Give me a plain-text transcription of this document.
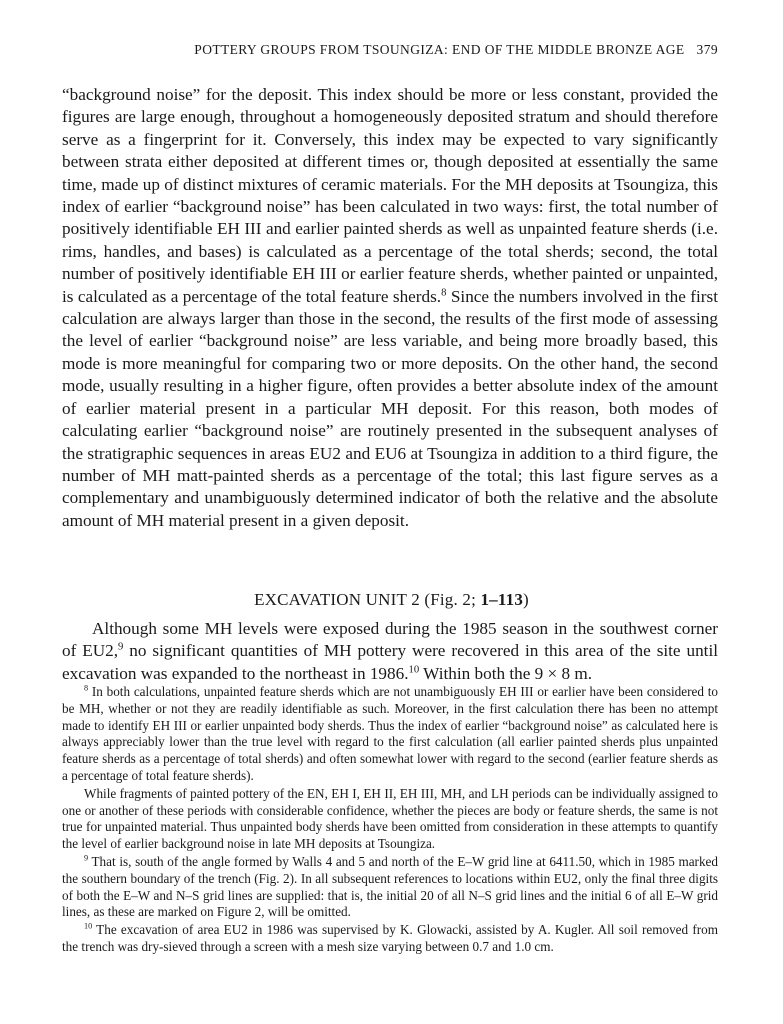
POTTERY GROUPS FROM TSOUNGIZA: END OF THE MIDDLE BRONZE AGE 379

“background noise” for the deposit. This index should be more or less constant, provided the figures are large enough, throughout a homogeneously deposited stratum and should therefore serve as a fingerprint for it. Conversely, this index may be expected to vary significantly between strata either deposited at different times or, though deposited at essentially the same time, made up of distinct mixtures of ceramic materials. For the MH deposits at Tsoungiza, this index of earlier “background noise” has been calculated in two ways: first, the total number of positively identifiable EH III and earlier painted sherds as well as unpainted feature sherds (i.e. rims, handles, and bases) is calculated as a percentage of the total sherds; second, the total number of positively identifiable EH III or earlier feature sherds, whether painted or unpainted, is calculated as a percentage of the total feature sherds.$^8$ Since the numbers involved in the first calculation are always larger than those in the second, the results of the first mode of assessing the level of earlier “background noise” are less variable, and being more broadly based, this mode is more meaningful for comparing two or more deposits. On the other hand, the second mode, usually resulting in a higher figure, often provides a better absolute index of the amount of earlier material present in a particular MH deposit. For this reason, both modes of calculating earlier “background noise” are routinely presented in the subsequent analyses of the stratigraphic sequences in areas EU2 and EU6 at Tsoungiza in addition to a third figure, the number of MH matt-painted sherds as a percentage of the total; this last figure serves as a complementary and unambiguously determined indicator of both the relative and the absolute amount of MH material present in a given deposit.

EXCAVATION UNIT 2 (Fig. 2; 1–113)

Although some MH levels were exposed during the 1985 season in the southwest corner of EU2,$^9$ no significant quantities of MH pottery were recovered in this area of the site until excavation was expanded to the northeast in 1986.10 Within both the 9 × 8 m.

$^8$ In both calculations, unpainted feature sherds which are not unambiguously EH III or earlier have been considered to be MH, whether or not they are readily identifiable as such. Moreover, in the first calculation there has been no attempt made to identify EH III or earlier unpainted body sherds. Thus the index of earlier “background noise” as calculated here is always appreciably lower than the true level with regard to the first calculation (all earlier painted sherds plus unpainted feature sherds as a percentage of total sherds) and often somewhat lower with regard to the second (earlier feature sherds as a percentage of total feature sherds).

While fragments of painted pottery of the EN, EH I, EH II, EH III, MH, and LH periods can be individually assigned to one or another of these periods with considerable confidence, whether the pieces are body or feature sherds, the same is not true for unpainted material. Thus unpainted body sherds have been omitted from consideration in these attempts to quantify the level of earlier background noise in late MH deposits at Tsoungiza.

$^9$ That is, south of the angle formed by Walls 4 and 5 and north of the E–W grid line at 6411.50, which in 1985 marked the southern boundary of the trench (Fig. 2). In all subsequent references to locations within EU2, only the final three digits of both the E–W and N–S grid lines are supplied: that is, the initial 20 of all N–S grid lines and the initial 6 of all E–W grid lines, as these are marked on Figure 2, will be omitted.

$^{10}$ The excavation of area EU2 in 1986 was supervised by K. Glowacki, assisted by A. Kugler. All soil removed from the trench was dry-sieved through a screen with a mesh size varying between 0.7 and 1.0 cm.
